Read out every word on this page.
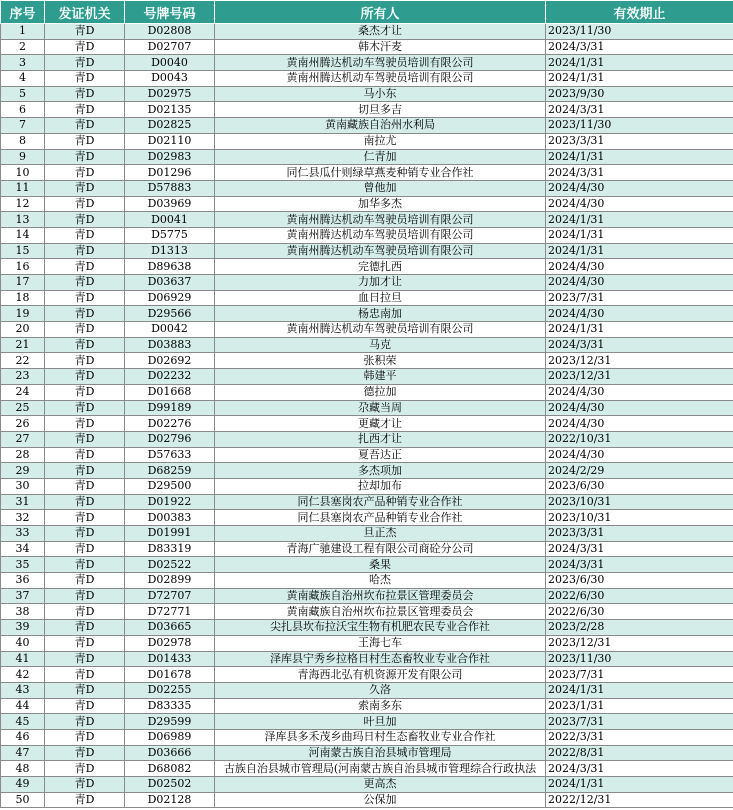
序号	发证机关	号牌号码	所有人	有效期止
1	青D	D02808	桑杰才让	2023/11/30
2	青D	D02707	韩木汗麦	2024/3/31
3	青D	D0040	黄南州腾达机动车驾驶员培训有限公司	2024/1/31
4	青D	D0043	黄南州腾达机动车驾驶员培训有限公司	2024/1/31
5	青D	D02975	马小东	2023/9/30
6	青D	D02135	切旦多吉	2024/3/31
7	青D	D02825	黄南藏族自治州水利局	2023/11/30
8	青D	D02110	南拉尤	2023/3/31
9	青D	D02983	仁青加	2024/1/31
10	青D	D01296	同仁县瓜什则绿草燕麦种销专业合作社	2024/3/31
11	青D	D57883	曾他加	2024/4/30
12	青D	D03969	加华多杰	2024/4/30
13	青D	D0041	黄南州腾达机动车驾驶员培训有限公司	2024/1/31
14	青D	D5775	黄南州腾达机动车驾驶员培训有限公司	2024/1/31
15	青D	D1313	黄南州腾达机动车驾驶员培训有限公司	2024/1/31
16	青D	D89638	完德扎西	2024/4/30
17	青D	D03637	力加才让	2024/4/30
18	青D	D06929	血日拉旦	2023/7/31
19	青D	D29566	杨忠南加	2024/4/30
20	青D	D0042	黄南州腾达机动车驾驶员培训有限公司	2024/1/31
21	青D	D03883	马克	2024/3/31
22	青D	D02692	张积荣	2023/12/31
23	青D	D02232	韩建平	2023/12/31
24	青D	D01668	德拉加	2024/4/30
25	青D	D99189	尕藏当周	2024/4/30
26	青D	D02276	更藏才让	2024/4/30
27	青D	D02796	扎西才让	2022/10/31
28	青D	D57633	夏吾达正	2024/4/30
29	青D	D68259	多杰项加	2024/2/29
30	青D	D29500	拉却加布	2023/6/30
31	青D	D01922	同仁县塞岗农产品种销专业合作社	2023/10/31
32	青D	D00383	同仁县塞岗农产品种销专业合作社	2023/10/31
33	青D	D01991	旦正杰	2023/3/31
34	青D	D83319	青海广驰建设工程有限公司商砼分公司	2024/3/31
35	青D	D02522	桑果	2024/3/31
36	青D	D02899	哈杰	2023/6/30
37	青D	D72707	黄南藏族自治州坎布拉景区管理委员会	2022/6/30
38	青D	D72771	黄南藏族自治州坎布拉景区管理委员会	2022/6/30
39	青D	D03665	尖扎县坎布拉沃宝生物有机肥农民专业合作社	2023/2/28
40	青D	D02978	王海七车	2023/12/31
41	青D	D01433	泽库县宁秀乡拉格日村生态畜牧业专业合作社	2023/11/30
42	青D	D01678	青海西北弘有机资源开发有限公司	2023/7/31
43	青D	D02255	久洛	2024/1/31
44	青D	D83335	索南多东	2023/1/31
45	青D	D29599	叶旦加	2023/7/31
46	青D	D06989	泽库县多禾茂乡曲玛日村生态畜牧业专业合作社	2022/3/31
47	青D	D03666	河南蒙古族自治县城市管理局	2022/8/31
48	青D	D68082	古族自治县城市管理局(河南蒙古族自治县城市管理综合行政执法	2024/3/31
49	青D	D02502	更高杰	2024/1/31
50	青D	D02128	公保加	2022/12/31
